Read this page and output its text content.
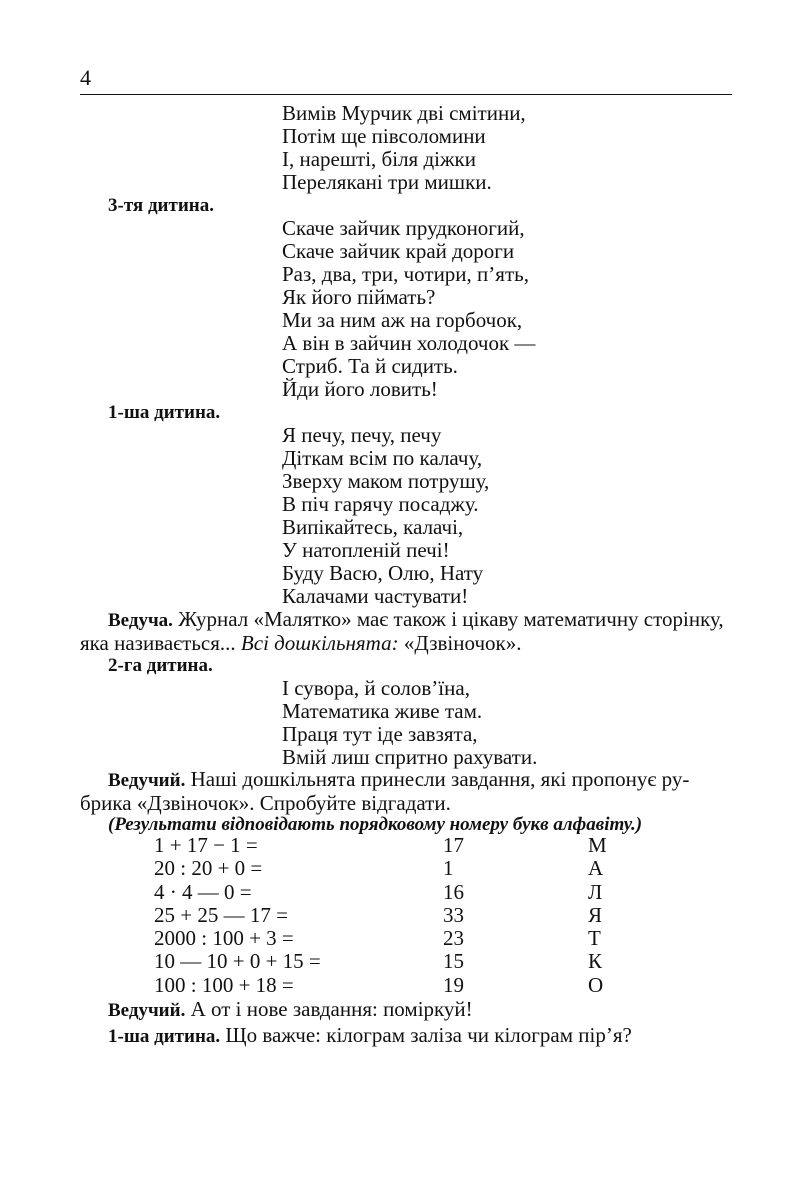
4
Вимів Мурчик дві смітини,
Потім ще півсоломини
І, нарешті, біля діжки
Перелякані три мишки.
3-тя дитина.
Скаче зайчик прудконогий,
Скаче зайчик край дороги
Раз, два, три, чотири, п’ять,
Як його піймать?
Ми за ним аж на горбочок,
А він в зайчин холодочок —
Стриб. Та й сидить.
Йди його ловить!
1-ша дитина.
Я печу, печу, печу
Діткам всім по калачу,
Зверху маком потрушу,
В піч гарячу посаджу.
Випікайтесь, калачі,
У натопленій печі!
Буду Васю, Олю, Нату
Калачами частувати!
Ведуча. Журнал «Малятко» має також і цікаву математичну сторінку,
яка називається... Всі дошкільнята: «Дзвіночок».
2-га дитина.
І сувора, й солов’їна,
Математика живе там.
Праця тут іде завзята,
Вмій лиш спритно рахувати.
Ведучий. Наші дошкільнята принесли завдання, які пропонує ру-
брика «Дзвіночок». Спробуйте відгадати.
(Результати відповідають порядковому номеру букв алфавіту.)
1 + 17 − 1 =	17	М
20 : 20 + 0 =	1	А
4 · 4 — 0 =	16	Л
25 + 25 — 17 =	33	Я
2000 : 100 + 3 =	23	Т
10 — 10 + 0 + 15 =	15	К
100 : 100 + 18 =	19	О
Ведучий. А от і нове завдання: поміркуй!
1-ша дитина. Що важче: кілограм заліза чи кілограм пір’я?
